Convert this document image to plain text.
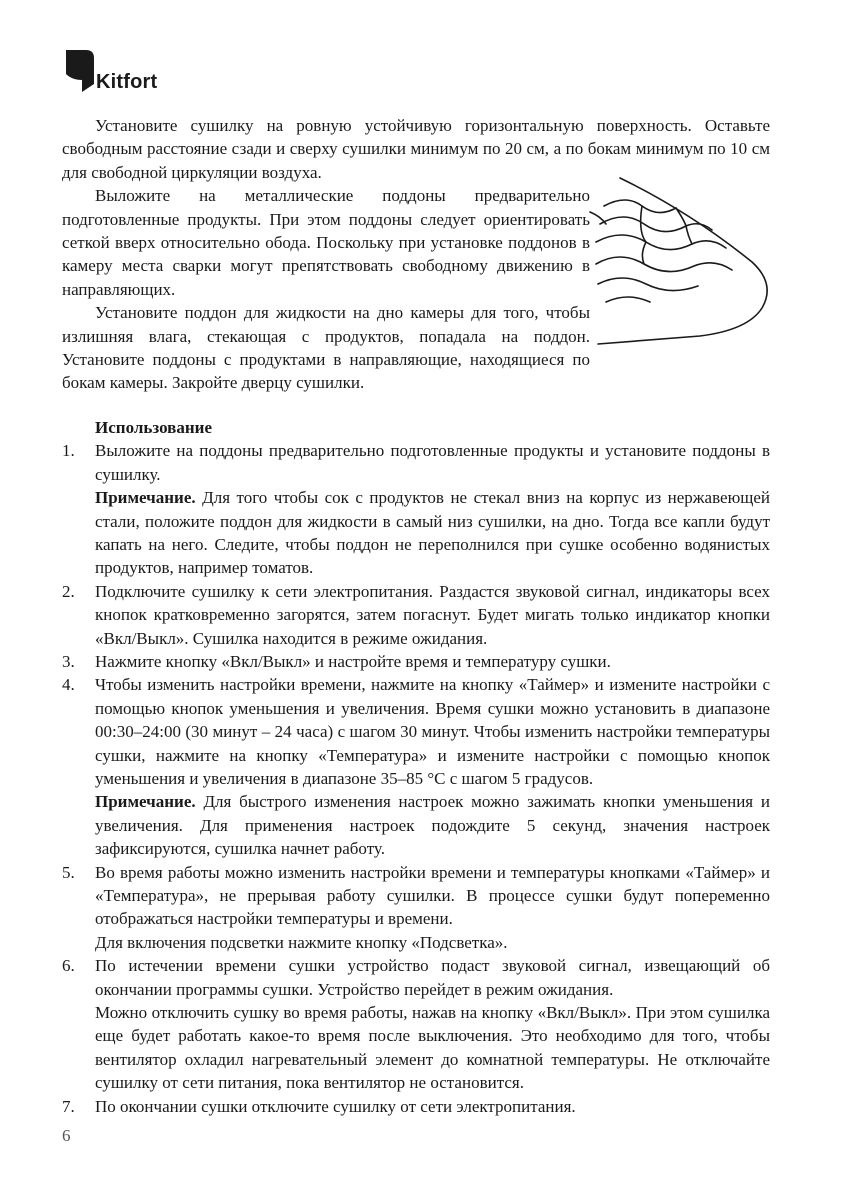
Kitfort

Установите сушилку на ровную устойчивую горизонтальную поверхность. Оставьте свободным расстояние сзади и сверху сушилки минимум по 20 см, а по бокам минимум по 10 см для свободной циркуляции воздуха.

Выложите на металлические поддоны предварительно подготовленные продукты. При этом поддоны следует ориентировать сеткой вверх относительно обода. Поскольку при установке поддонов в камеру места сварки могут препятствовать свободному движению в направляющих.

Установите поддон для жидкости на дно камеры для того, чтобы излишняя влага, стекающая с продуктов, попадала на поддон. Установите поддоны с продуктами в направляющие, находящиеся по бокам камеры. Закройте дверцу сушилки.

Использование

1.	Выложите на поддоны предварительно подготовленные продукты и установите поддоны в сушилку.

Примечание. Для того чтобы сок с продуктов не стекал вниз на корпус из нержавеющей стали, положите поддон для жидкости в самый низ сушилки, на дно. Тогда все капли будут капать на него. Следите, чтобы поддон не переполнился при сушке особенно водянистых продуктов, например томатов.

2.	Подключите сушилку к сети электропитания. Раздастся звуковой сигнал, индикаторы всех кнопок кратковременно загорятся, затем погаснут. Будет мигать только индикатор кнопки «Вкл/Выкл». Сушилка находится в режиме ожидания.

3.	Нажмите кнопку «Вкл/Выкл» и настройте время и температуру сушки.

4.	Чтобы изменить настройки времени, нажмите на кнопку «Таймер» и измените настройки с помощью кнопок уменьшения и увеличения. Время сушки можно установить в диапазоне 00:30–24:00 (30 минут – 24 часа) с шагом 30 минут. Чтобы изменить настройки температуры сушки, нажмите на кнопку «Температура» и измените настройки с помощью кнопок уменьшения и увеличения в диапазоне 35–85 °С с шагом 5 градусов.

Примечание. Для быстрого изменения настроек можно зажимать кнопки уменьшения и увеличения. Для применения настроек подождите 5 секунд, значения настроек зафиксируются, сушилка начнет работу.

5.	Во время работы можно изменить настройки времени и температуры кнопками «Таймер» и «Температура», не прерывая работу сушилки. В процессе сушки будут попеременно отображаться настройки температуры и времени.

Для включения подсветки нажмите кнопку «Подсветка».

6.	По истечении времени сушки устройство подаст звуковой сигнал, извещающий об окончании программы сушки. Устройство перейдет в режим ожидания.

Можно отключить сушку во время работы, нажав на кнопку «Вкл/Выкл». При этом сушилка еще будет работать какое-то время после выключения. Это необходимо для того, чтобы вентилятор охладил нагревательный элемент до комнатной температуры. Не отключайте сушилку от сети питания, пока вентилятор не остановится.

7.	По окончании сушки отключите сушилку от сети электропитания.

6
